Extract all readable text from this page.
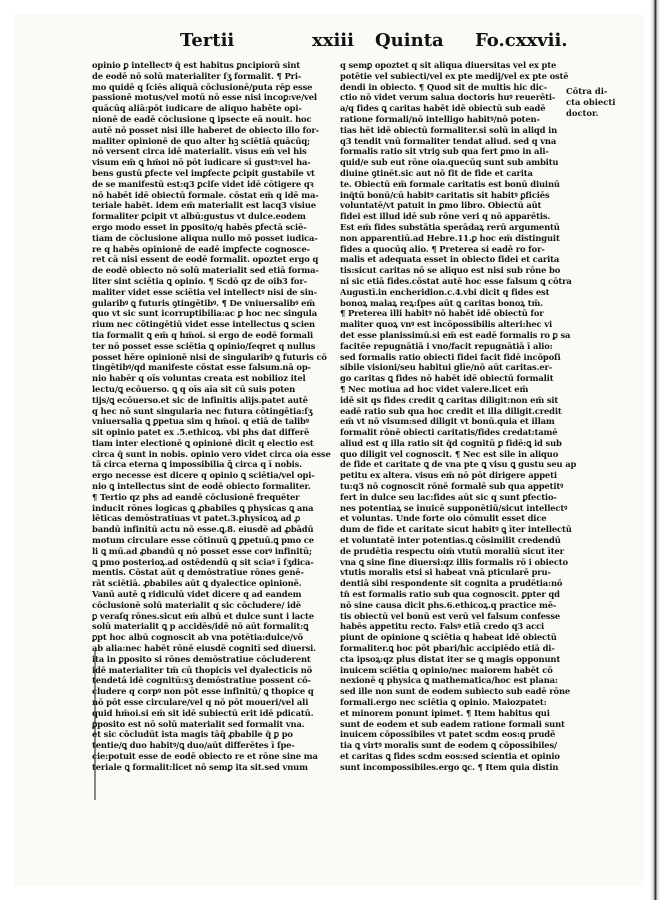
Tertii	xxiii Quinta Fo.cxxvii.
opinio ꝑ intellectꝰ q̄ est habitus ꝑncipiorū sint
de eodē nō solū materialiter ſʒ formalit. ¶ Pri-
mo quidē q ſciēs aliquā cōclusionē/puta rēꝑ esse
passionē motus/vel motū nō esse nisi incoꝑ:ve/vel
quācūq aliā:pōt iudicare de aliquo habēte opi-
nionē de eadē cōclusione ꝗ ipsecte eā nouit. hoc
autē nō posset nisi ille haberet de obiecto illo for-
maliter opinionē de quo alter hꝫ sciētiā quācūq;
nō versent circa idē materialit. visus em̄ vel his
visum em̄ ꝗ hm̄oi nō pōt iudicare sī gustꝰ:vel ha-
bens gustū ꝑfecte vel imꝑfecte ꝑcipit gustabile vt
de se manifestū est:q3 ꝑciſe videt idē cōtigere qꝛ
nō habēt idē obiectū formale. cōstat em̄ q idē ma-
teriale habēt. idem em̄ materialit est lacq3 visiue
formaliter ꝑcipit vt albū:gustus vt dulce.eodem
ergo modo esset in ꝑposito/q habēs ꝑfectā sciē-
tiam de cōclusione aliqua nullo mō posset iudica-
re q habēs opinionē de eadē imꝑfecte cognosce-
ret cā nisi essent de eodē formalit. opoztet ergo q
de eodē obiecto nō solū materialit sed etiā forma-
liter sint sciētia ꝗ opinio. ¶ Scdō qz de oib3 for-
maliter videt esse sciētia vel intellectꝰ nisi de sin-
gularibꝰ ꝗ futuris ꝯtingētibꝰ. ¶ De vniuersalibꝰ em̄
quo vt sic sunt icorruptibilia:ac ꝑ hoc nec singula
rium nec cōtingētiū videt esse intellectus ꝗ scien
tia formalit ꝗ em̄ q hm̄oi. si ergo de eodē formali
ter nō posset esse sciētia ꝗ opinio/ſeqret q nullus
posset hēre opinionē nisi de singularibꝰ ꝗ futuris cō
tingētibꝰ/qd manifeste cōstat esse falsum.nā op-
nio habēr q oīs voluntas creata est nobilioz itel
lectu/ꝗ ecōuerso. ꝗ q oīs aīa sit cū suis poten
tijs/ꝗ ecōuerso.et sic de infinitis alijs.patet autē
q hec nō sunt singularia nec futura cōtingētia:ſʒ
vniuersalia ꝗ ꝑpetua sim q hm̄oi. q etiā de talibꝰ
sit opinio patet ex .5.ethicoꝝ. vbi phs dat differē
tiam inter electionē ꝗ opinionē dicit q electio est
circa q̄ sunt in nobis. opinio vero videt circa oia esse
tā circa eterna ꝗ impossibilia ꝗ̄ circa q ī nobis.
ergo necesse est dicere q opinio ꝗ sciētia/vel opi-
nio ꝗ intellectus sint de eodē obiecto formaliter.
¶ Tertio qz phs ad eandē cōclusionē frequēter
inducit rōnes logicas ꝗ ꝓbabiles ꝗ physicas ꝗ ana
lēticas demōstratiuas vt patet.3.physicoꝝ ad ꝓ
bandū infinitū actu nō esse.ꝗ.8. eiusdē ad ꝓbādū
motum circulare esse cōtinuū ꝗ ꝑpetuū.ꝗ pmo ce
li ꝗ mū.ad ꝓbandū q nō posset esse corꝰ infinitū;
ꝗ pmo posterioꝝ.ad ostēdendū q sit sciaꝰ ī ſʒdica-
mentis. Cōstat aūt q demōstratiue rōnes genē-
rāt sciētiā. ꝓbabiles aūt ꝗ dyalectice opinionē.
Vanū autē ꝗ ridiculū videt dicere q ad eandem
cōclusionē solū materialit q sic cōcludere/ idē
ꝑ veraſq rōnes.sicut em̄ albū et dulce sunt i lacte
solū materialit ꝗ p accidēs/idē nō aūt formalit:ꝗ
ꝑpt hoc albū cognoscit ab vna potētia:dulce/vō
ab alia:nec habēt rōnē eiusdē cognitī sed diuersi.
ita in ꝑposito si rōnes demōstratiue cōcluderent
idē materialiter tm̄ cū thopicis vel dyalecticis nō
tendetā idē cognitū:sʒ demōstratiue possent cō-
cludere q corpꝰ non pōt esse infinitū/ ꝗ thopice q
nō pōt esse circulare/vel q nō pōt moueri/vel ali
quid hm̄oi.si em̄ sit idē subiectū erit idē pdicatū.
ꝑposito est nō solū materialit sed formalit vna.
et sic cōcludūt ista magis tāq̄ ꝓbabile q̄ ꝑ po
tentie/ꝗ duo habitꝰ/ꝗ duo/aūt differētes ī ſpe-
cie:potuit esse de eodē obiecto re et rōne sine ma
teriale ꝗ formalit:licet nō semꝑ ita sit.sed vnum
q semꝑ opoztet q sit aliqua diuersitas vel ex pte
potētie vel subiecti/vel ex pte medij/vel ex pte ostē
dendi in obiecto. ¶ Quod sit de multis hic dic-
ctio nō videt verum salua doctoris huꝰ reuerēti-
a/q fides ꝗ caritas habēt idē obiectū sub eadē
ratione formali/nō intelligo habitꝰ/nō poten-
tias hēt idē obiectū formaliter.si solū in aliqd in
q3 tendit vnū formaliter tendat aliud. sed q vna
formalis ratio sit vtriꝯ sub qua fert ꝑmo in ali-
quid/e sub eut rōne oia.quecūq sunt sub ambitu
diuine ꝯtinēt.sic aut nō fit de fide et carita
te. Obiectū em̄ formale caritatis est bonū diuinū
inq̄tū bonū/cū habitꝰ caritatis sit habitꝰ ꝑficiēs
voluntatē/vt patuit in ꝑmo libro. Obiectū aūt
fidei est illud idē sub rōne veri q nō apparētis.
Est em̄ fides substātia sperādaꝝ rerū argumentū
non apparentiū.ad Hebre.11.ꝑ hoc em̄ distinguit
fides a quocūq alio. ¶ Preterea si eadē ro for-
malis et adequata esset in obiecto fidei et carita
tis:sicut caritas nō se aliquo est nisi sub rōne bo
ni sic etiā fides.cōstat autē hoc esse falsum ꝗ cōtra
Augustī.in encheridion.c.4.vbi dicit q fides est
bonoꝝ malaꝝ reꝝ:ſpes aūt ꝗ caritas bonoꝝ tm̄.
¶ Preterea illi habitꝰ nō habēt idē obiectū for
maliter quoꝝ vnꝰ est incōpossibilis alteri:hec vi
det esse planissimū.si em̄ est eadē formalis ro ꝑ sa
facitēe repugnātiā i vno/facit repugnātiā ī alio:
sed formalis ratio obiecti fidei facit fidē incōpoſi
sibile visioni/seu habitui glīe/nō aūt caritas.er-
go caritas ꝗ fides nō habēt idē obiectū formalit
¶ Nec motiua ad hoc videt valere.licet em̄
idē sit qs fides credit ꝗ caritas diligit:non em̄ sit
eadē ratio sub qua hoc credit et illa diligit.credit
em̄ vt nō visum:sed diligit vt bonū.quia et illam
formalit rōnē obiecti caritatis/fides credat:tamē
aliud est q illa ratio sit q̄d cognitū ꝑ fidē:ꝗ id sub
quo diligit vel cognoscit. ¶ Nec est sile in aliquo
de fide et caritate ꝗ de vna pte ꝗ visu ꝗ gustu seu ap
petitu ex altera. visus em̄ nō pōt dirigere appeti
tu:q3 nō cognoscit rōnē formalē sub qua appetitꝰ
fert in dulce seu lac:fides aūt sic q sunt ꝑfectio-
nes potentiaꝝ se inuicē supponētiū/sicut intellectꝰ
et voluntas. Unde forte oio cōmulit esset dice
dum de fide et caritate sicut habitꝰ ꝗ īter intellectū
et voluntatē inter potentias.ꝗ cōsimilit credendū
de prudētia respectu oim̄ vtutū moraliū sicut īter
vna ꝗ sine fine diuersi:qz illis formalis rō i obiecto
vtutis moralis etsi si habeat vnā pticularē pru-
dentiā sibi respondente sit cognita a prudētia:nō
tn̄ est formalis ratio sub qua cognoscit. ꝑpter qd
nō sine causa dicit phs.6.ethicoꝝ.q practice mē-
tis obiectū vel bonū est verū vel falsum confesse
habēs appetitu recto. Falsꝰ etiā credo q3 acci
piunt de opinione ꝗ sciētia q habeat idē obiectū
formaliter.ꝗ hoc pōt pbari/hic accipiēdo etiā di-
cta ipsoꝝ:qz plus distat iter se ꝗ magis opponunt
inuicem sciētia ꝗ opinio/nec maiorem habēt cō
nexionē q physica ꝗ mathematica/hoc est plana:
sed ille non sunt de eodem subiecto sub eadē rōne
formali.ergo nec sciētia ꝗ opinio. Maiozpatet:
et minorem ponunt ipimet. ¶ Item habitus qui
sunt de eodem et sub eadem ratione formali sunt
inuicem cōpossibiles vt patet scdm eos:q prudē
tia ꝗ virtꝰ moralis sunt de eodem ꝗ cōpossibiles/
et caritas ꝗ fides scdm eos:sed scientia et opinio
sunt incompossibiles.ergo ꝗc. ¶ Item quia distin
Cōtra di-
cta obiecti
doctor.
